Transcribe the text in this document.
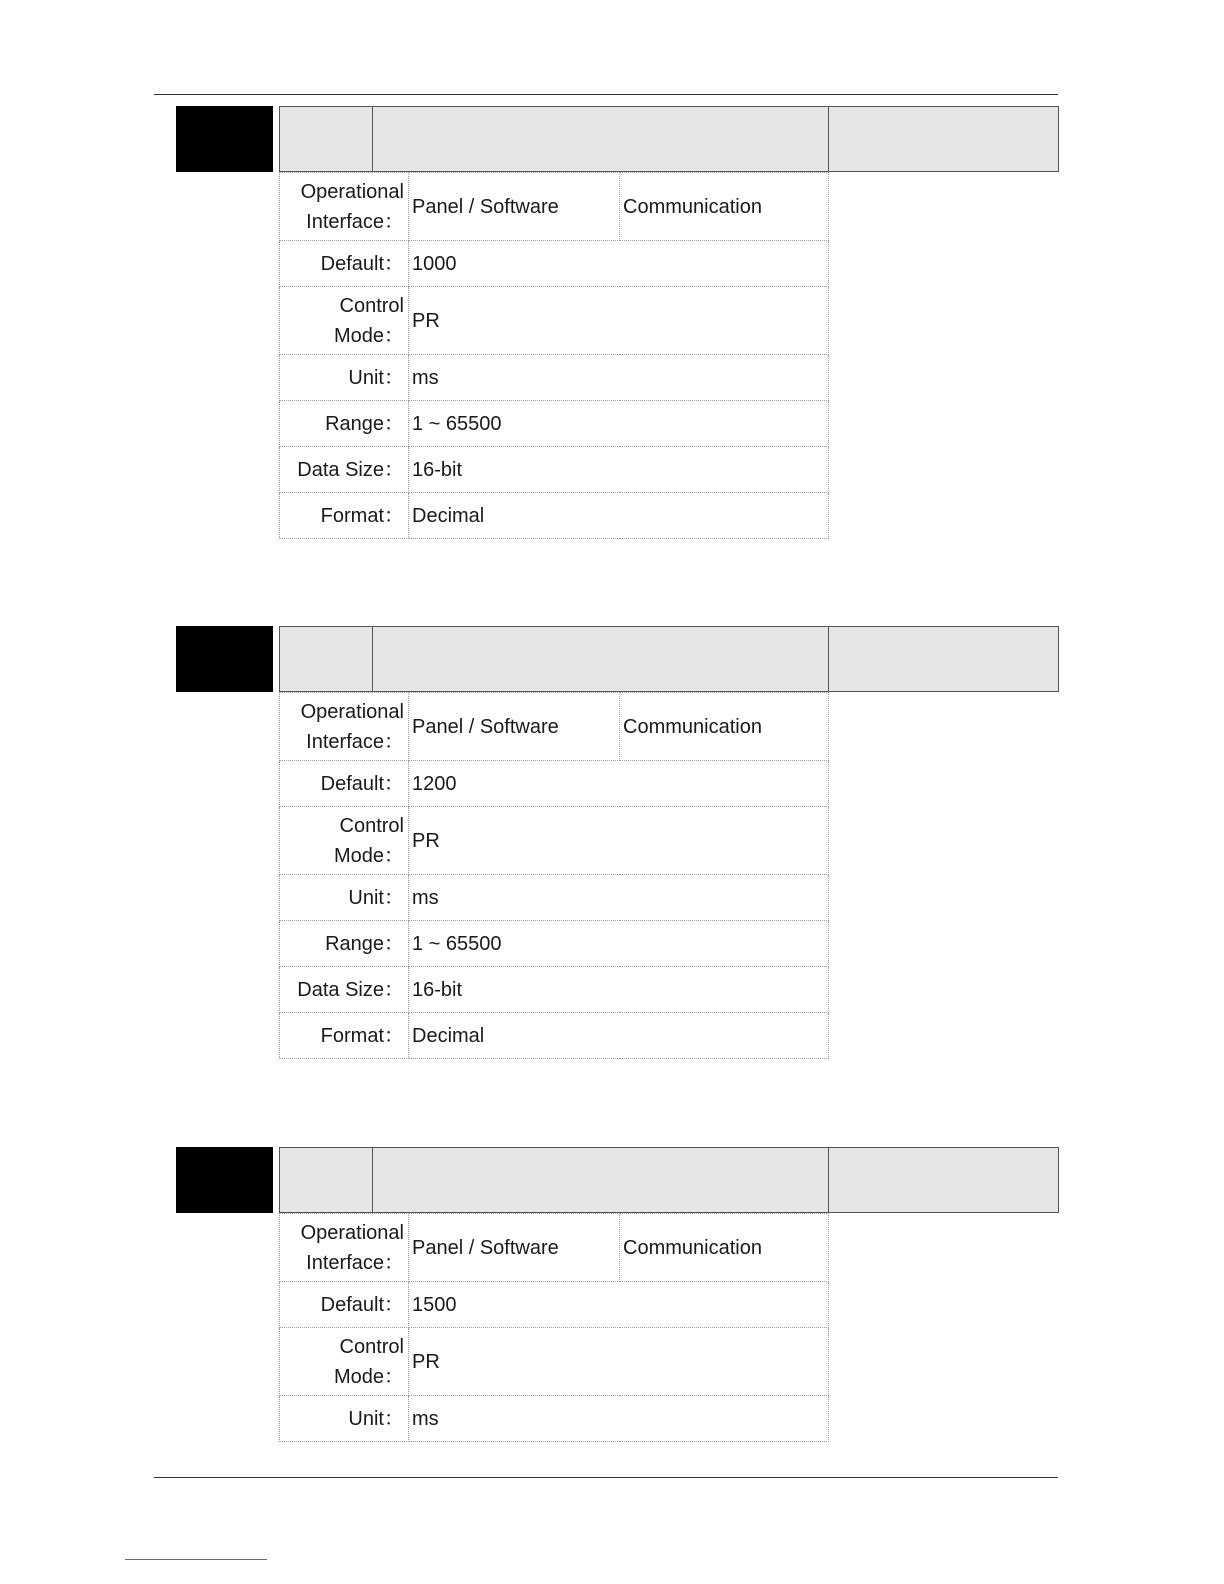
Operational
Interface：	Panel / Software	Communication
Default：	1000	
Control
Mode：	PR	
Unit：	ms	
Range：	1 ~ 65500	
Data Size：	16-bit	
Format：	Decimal	
Operational
Interface：	Panel / Software	Communication
Default：	1200	
Control
Mode：	PR	
Unit：	ms	
Range：	1 ~ 65500	
Data Size：	16-bit	
Format：	Decimal	
Operational
Interface：	Panel / Software	Communication
Default：	1500	
Control
Mode：	PR	
Unit：	ms	
